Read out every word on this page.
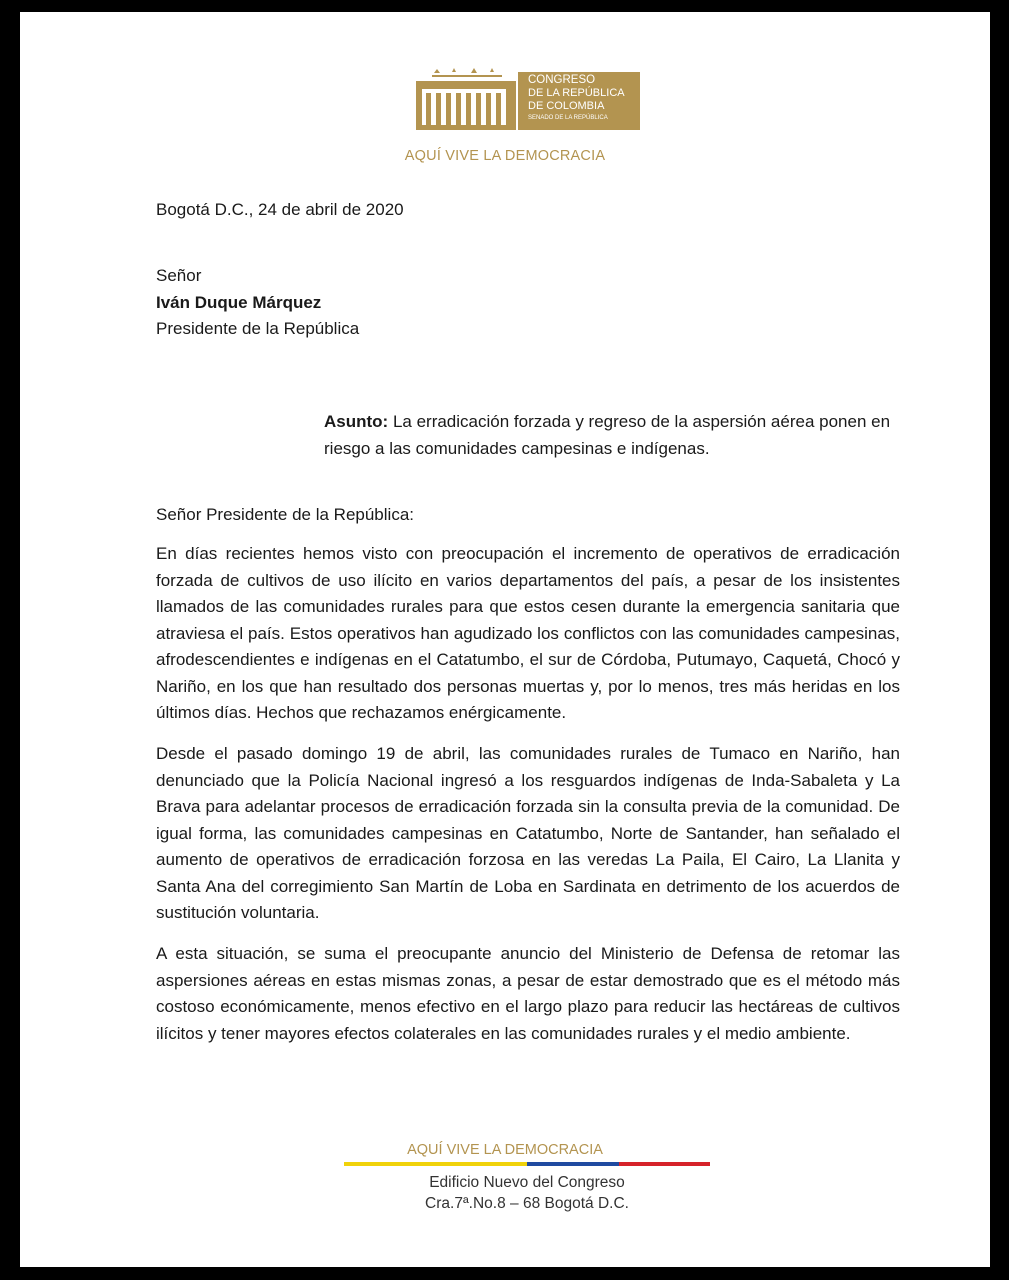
CONGRESO
DE LA REPÚBLICA
DE COLOMBIA
SENADO DE LA REPÚBLICA
AQUÍ VIVE LA DEMOCRACIA
Bogotá D.C., 24 de abril de 2020
Señor
Iván Duque Márquez
Presidente de la República
Asunto: La erradicación forzada y regreso de la aspersión aérea ponen en riesgo a las comunidades campesinas e indígenas.
Señor Presidente de la República:
En días recientes hemos visto con preocupación el incremento de operativos de erradicación forzada de cultivos de uso ilícito en varios departamentos del país, a pesar de los insistentes llamados de las comunidades rurales para que estos cesen durante la emergencia sanitaria que atraviesa el país. Estos operativos han agudizado los conflictos con las comunidades campesinas, afrodescendientes e indígenas en el Catatumbo, el sur de Córdoba, Putumayo, Caquetá, Chocó y Nariño, en los que han resultado dos personas muertas y, por lo menos, tres más heridas en los últimos días. Hechos que rechazamos enérgicamente.
Desde el pasado domingo 19 de abril, las comunidades rurales de Tumaco en Nariño, han denunciado que la Policía Nacional ingresó a los resguardos indígenas de Inda-Sabaleta y La Brava para adelantar procesos de erradicación forzada sin la consulta previa de la comunidad. De igual forma, las comunidades campesinas en Catatumbo, Norte de Santander, han señalado el aumento de operativos de erradicación forzosa en las veredas La Paila, El Cairo, La Llanita y Santa Ana del corregimiento San Martín de Loba en Sardinata en detrimento de los acuerdos de sustitución voluntaria.
A esta situación, se suma el preocupante anuncio del Ministerio de Defensa de retomar las aspersiones aéreas en estas mismas zonas, a pesar de estar demostrado que es el método más costoso económicamente, menos efectivo en el largo plazo para reducir las hectáreas de cultivos ilícitos y tener mayores efectos colaterales en las comunidades rurales y el medio ambiente.
AQUÍ VIVE LA DEMOCRACIA
Edificio Nuevo del Congreso
Cra.7ª.No.8 – 68 Bogotá D.C.
